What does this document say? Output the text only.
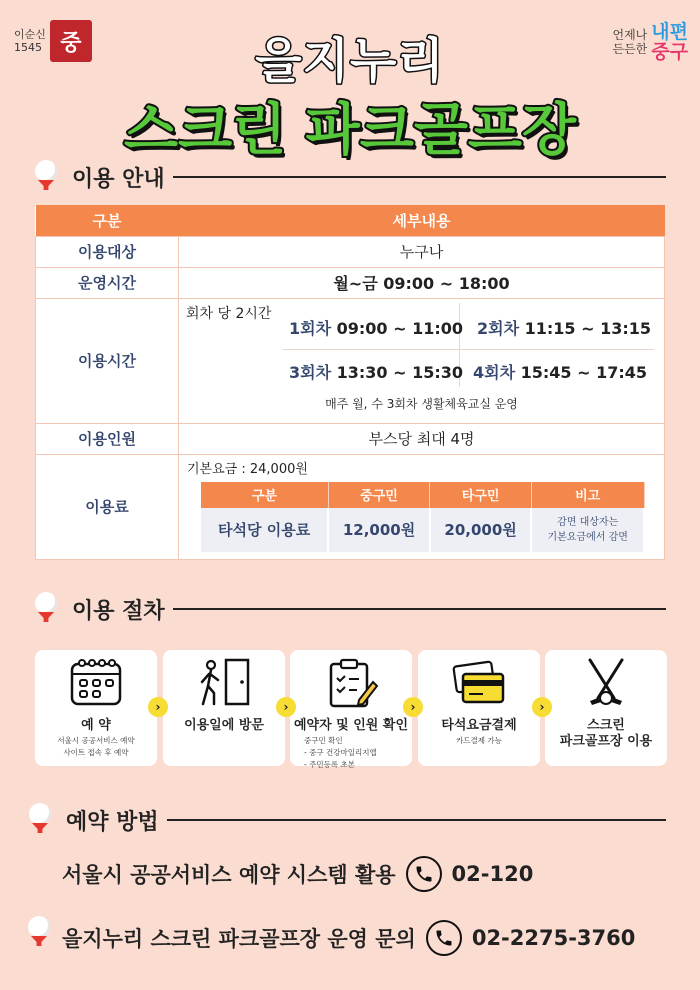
이순신
1545 중	언제나
든든한
내편
중구
을지누리
스크린 파크골프장
이용 안내
구분	세부내용
이용대상	누구나
운영시간	월~금 09:00 ~ 18:00
이용시간	
회차 당 2시간
1회차 09:00 ~ 11:00 2회차 11:15 ~ 13:15
3회차 13:30 ~ 15:30 4회차 15:45 ~ 17:45
매주 월, 수 3회차 생활체육교실 운영

이용인원	부스당 최대 4명
이용료	
기본요금 : 24,000원
구분	중구민	타구민	비고
타석당 이용료	12,000원	20,000원	감면 대상자는
기본요금에서 감면
이용 절차
예 약
서울시 공공서비스 예약
사이트 접속 후 예약
›
이용일에 방문
›
예약자 및 인원 확인
중구민 확인
- 중구 건강마일리지앱
- 주민등록 초본
›
타석요금결제
카드결제 가능
›
스크린
파크골프장 이용
예약 방법
서울시 공공서비스 예약 시스템 활용	02-120
을지누리 스크린 파크골프장 운영 문의	02-2275-3760
